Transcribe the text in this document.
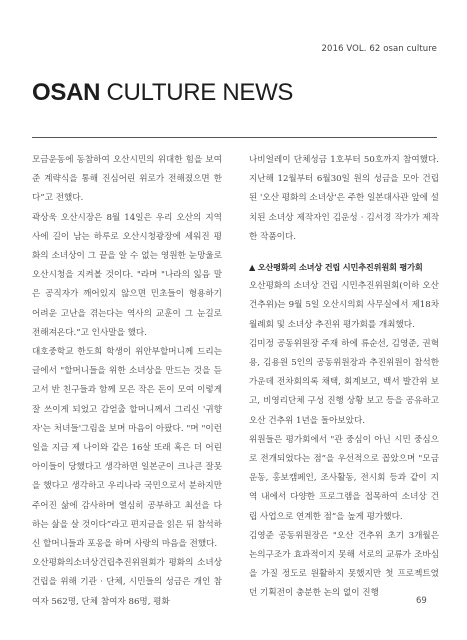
2016 VOL. 62 osan culture
OSAN CULTURE NEWS

모금운동에 동참하여 오산시민의 위대한 힘을 보여준 계략식을 통해 진심어린 위로가 전해졌으면 한다”고 전했다.

곽상욱 오산시장은 8월 14일은 우리 오산의 지역사에 길이 남는 하루로 오산시청광장에 세워진 평화의 소녀상이 그 끝을 알 수 없는 영원한 눈망울로 오산시청을 지켜볼 것이다. "라며 "나라의 잃음 말은 공직자가 깨어있지 않으면 민초들이 형용하기 어려운 고난을 겪는다는 역사의 교훈이 그 눈길로 전해져온다.”고 인사말을 했다.

대호중학교 한도희 학생이 위안부할머니께 드리는 글에서 "할머니들을 위한 소녀상을 만드는 것을 듣고서 반 친구들과 함께 모은 작은 돈이 모여 이렇게 잘 쓰이게 되었고 감얻출 할머니께서 그리신 '귀향자'는 처녀들'그림을 보며 마음이 아팠다. "며 "이런 일을 지금 제 나이와 같은 16살 또래 혹은 더 어린아이들이 당했다고 생각하면 일본군이 크나큰 잘못을 했다고 생각하고 우리나라 국민으로서 분하지만 주어진 삶에 감사하며 열심히 공부하고 최선을 다하는 삶을 살 것이다”라고 편지글을 읽은 뒤 참석하신 할머니들과 포옹을 하며 사랑의 마음을 전했다.

오산평화의소녀상건립추진위원회가 평화의 소녀상 건립을 위해 기관 · 단체, 시민들의 성금은 개인 참여자 562명, 단체 참여자 86명, 평화

나비얼레이 단체성금 1호부터 50호까지 참여했다. 지난해 12월부터 6월30일 원의 성금을 모아 건립된 '오산 평화의 소녀상'은 주한 일본대사관 앞에 설치된 소녀상 제작자인 김운성 · 김서경 작가가 제작한 작품이다.

▲ 오산평화의 소녀상 건립 시민추진위원회 평가회

오산평화의 소녀상 건립 시민추진위원회(이하 오산 건추위)는 9월 5일 오산시의회 사무실에서 제18차 월례회 및 소녀상 추진위 평가회를 개최했다.

김미정 공동위원장 주재 하에 류순선, 김영준, 권혁용, 김용원 5인의 공동위원장과 추진위원이 참석한 가운데 전차회의록 채택, 회계보고, 백서 발간위 보고, 비영리단체 구성 진행 상황 보고 등을 공유하고 오산 건추위 1년을 돌아보았다.

위원들은 평가회에서 "관 중심이 아닌 시민 중심으로 전개되었다는 점”을 우선적으로 꼽았으며 "모금운동, 홍보캠페인, 조사활동, 전시회 등과 같이 지역 내에서 다양한 프로그램을 접목하여 소녀상 건립 사업으로 연계한 점”을 높게 평가했다.

김영준 공동위원장은 "오산 건추위 초기 3개월은 논의구조가 효과적이지 못해 서로의 교류가 조바심을 가질 정도로 원활하지 못했지만 첫 프로젝트였던 기획전이 충분한 논의 없이 진행

69
